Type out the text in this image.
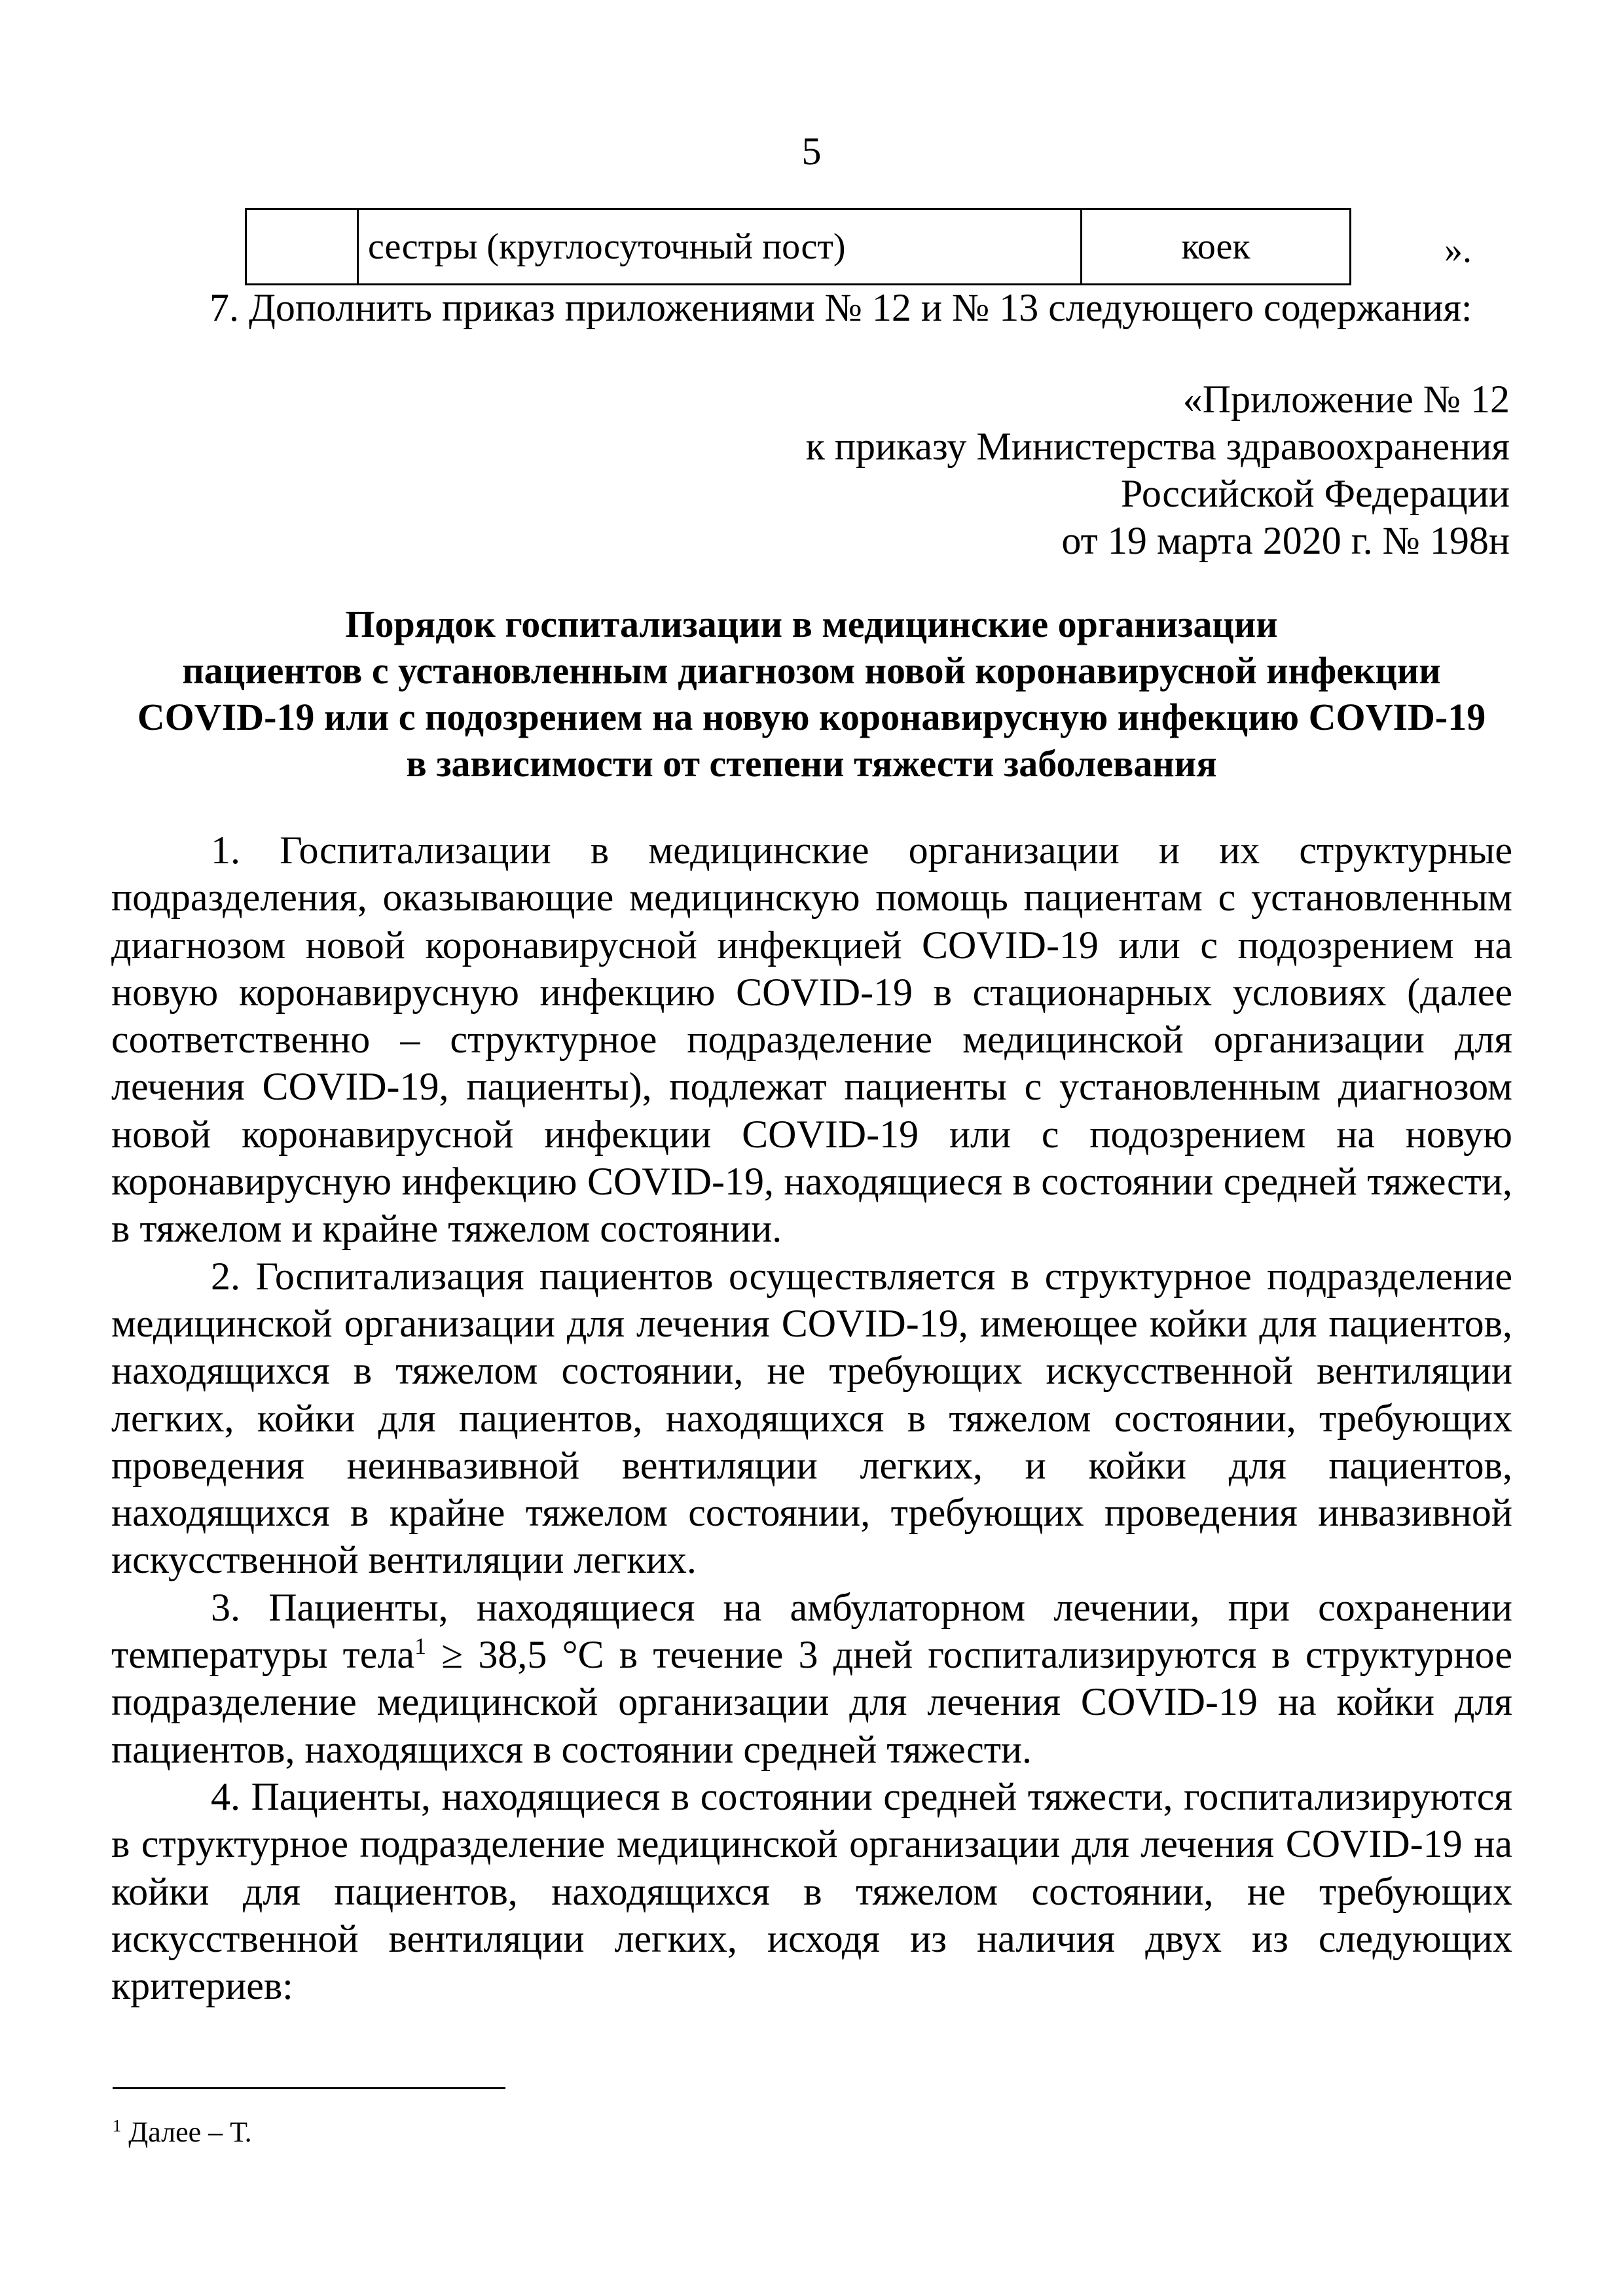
5
	сестры (круглосуточный пост)	коек	».
7. Дополнить приказ приложениями № 12 и № 13 следующего содержания:
«Приложение № 12
к приказу Министерства здравоохранения
Российской Федерации
от 19 марта 2020 г. № 198н
Порядок госпитализации в медицинские организации
пациентов с установленным диагнозом новой коронавирусной инфекции
COVID-19 или с подозрением на новую коронавирусную инфекцию COVID-19
в зависимости от степени тяжести заболевания

1. Госпитализации в медицинские организации и их структурные подразделения, оказывающие медицинскую помощь пациентам с установленным диагнозом новой коронавирусной инфекцией COVID-19 или с подозрением на новую коронавирусную инфекцию COVID-19 в стационарных условиях (далее соответственно – структурное подразделение медицинской организации для лечения COVID-19, пациенты), подлежат пациенты с установленным диагнозом новой коронавирусной инфекции COVID-19 или с подозрением на новую коронавирусную инфекцию COVID-19, находящиеся в состоянии средней тяжести, в тяжелом и крайне тяжелом состоянии.

2. Госпитализация пациентов осуществляется в структурное подразделение медицинской организации для лечения COVID-19, имеющее койки для пациентов, находящихся в тяжелом состоянии, не требующих искусственной вентиляции легких, койки для пациентов, находящихся в тяжелом состоянии, требующих проведения неинвазивной вентиляции легких, и койки для пациентов, находящихся в крайне тяжелом состоянии, требующих проведения инвазивной искусственной вентиляции легких.

3. Пациенты, находящиеся на амбулаторном лечении, при сохранении температуры тела$^1$ ≥ 38,5 °С в течение 3 дней госпитализируются в структурное подразделение медицинской организации для лечения COVID-19 на койки для пациентов, находящихся в состоянии средней тяжести.

4. Пациенты, находящиеся в состоянии средней тяжести, госпитализируются в структурное подразделение медицинской организации для лечения COVID-19 на койки для пациентов, находящихся в тяжелом состоянии, не требующих искусственной вентиляции легких, исходя из наличия двух из следующих критериев:

$^1$ Далее – Т.
